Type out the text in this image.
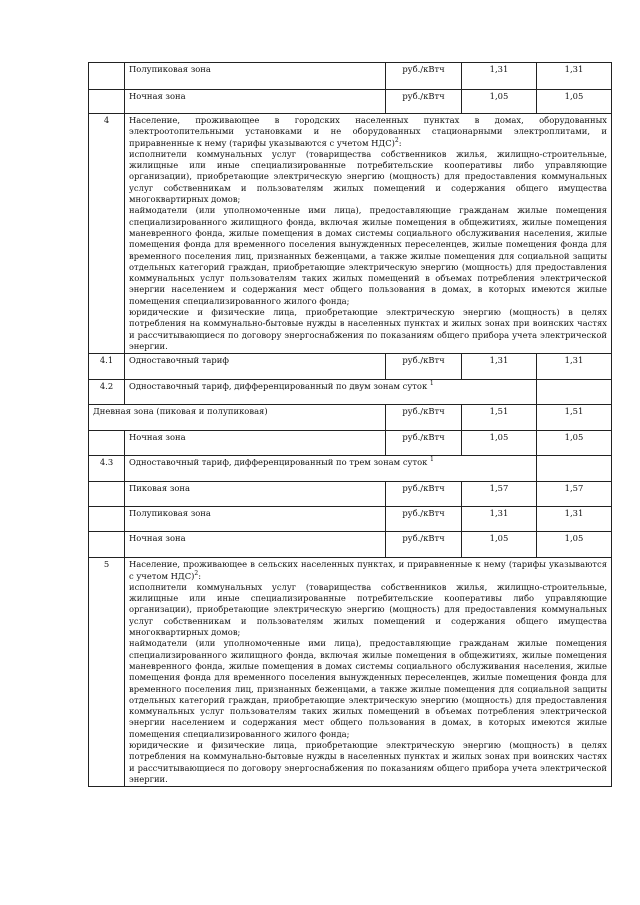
	Полупиковая зона	руб./кВтч	1,31	1,31
	Ночная зона	руб./кВтч	1,05	1,05
4	Население, проживающее в городских населенных пунктах в домах, оборудованных электроотопительными установками и не оборудованных стационарными электроплитами, и приравненные к нему (тарифы указываются с учетом НДС)$^2$:
исполнители коммунальных услуг (товарищества собственников жилья, жилищно-строительные, жилищные или иные специализированные потребительские кооперативы либо управляющие организации), приобретающие электрическую энергию (мощность) для предоставления коммунальных услуг собственникам и пользователям жилых помещений и содержания общего имущества многоквартирных домов;
наймодатели (или уполномоченные ими лица), предоставляющие гражданам жилые помещения специализированного жилищного фонда, включая жилые помещения в общежитиях, жилые помещения маневренного фонда, жилые помещения в домах системы социального обслуживания населения, жилые помещения фонда для временного поселения вынужденных переселенцев, жилые помещения фонда для временного поселения лиц, признанных беженцами, а также жилые помещения для социальной защиты отдельных категорий граждан, приобретающие электрическую энергию (мощность) для предоставления коммунальных услуг пользователям таких жилых помещений в объемах потребления электрической энергии населением и содержания мест общего пользования в домах, в которых имеются жилые помещения специализированного жилого фонда;
юридические и физические лица, приобретающие электрическую энергию (мощность) в целях потребления на коммунально-бытовые нужды в населенных пунктах и жилых зонах при воинских частях и рассчитывающиеся по договору энергоснабжения по показаниям общего прибора учета электрической энергии.			

4.1	Одноставочный тариф	руб./кВтч	1,31	1,31
4.2	Одноставочный тариф, дифференцированный по двум зонам суток $^1$	
Дневная зона (пиковая и полупиковая)		руб./кВтч	1,51	1,51
	Ночная зона	руб./кВтч	1,05	1,05
4.3	Одноставочный тариф, дифференцированный по трем зонам суток $^1$	
	Пиковая зона	руб./кВтч	1,57	1,57
	Полупиковая зона	руб./кВтч	1,31	1,31
	Ночная зона	руб./кВтч	1,05	1,05
5	Население, проживающее в сельских населенных пунктах, и приравненные к нему (тарифы указываются с учетом НДС)$^2$:
исполнители коммунальных услуг (товарищества собственников жилья, жилищно-строительные, жилищные или иные специализированные потребительские кооперативы либо управляющие организации), приобретающие электрическую энергию (мощность) для предоставления коммунальных услуг собственникам и пользователям жилых помещений и содержания общего имущества многоквартирных домов;
наймодатели (или уполномоченные ими лица), предоставляющие гражданам жилые помещения специализированного жилищного фонда, включая жилые помещения в общежитиях, жилые помещения маневренного фонда, жилые помещения в домах системы социального обслуживания населения, жилые помещения фонда для временного поселения вынужденных переселенцев, жилые помещения фонда для временного поселения лиц, признанных беженцами, а также жилые помещения для социальной защиты отдельных категорий граждан, приобретающие электрическую энергию (мощность) для предоставления коммунальных услуг пользователям таких жилых помещений в объемах потребления электрической энергии населением и содержания мест общего пользования в домах, в которых имеются жилые помещения специализированного жилого фонда;
юридические и физические лица, приобретающие электрическую энергию (мощность) в целях потребления на коммунально-бытовые нужды в населенных пунктах и жилых зонах при воинских частях и рассчитывающиеся по договору энергоснабжения по показаниям общего прибора учета электрической энергии.			
